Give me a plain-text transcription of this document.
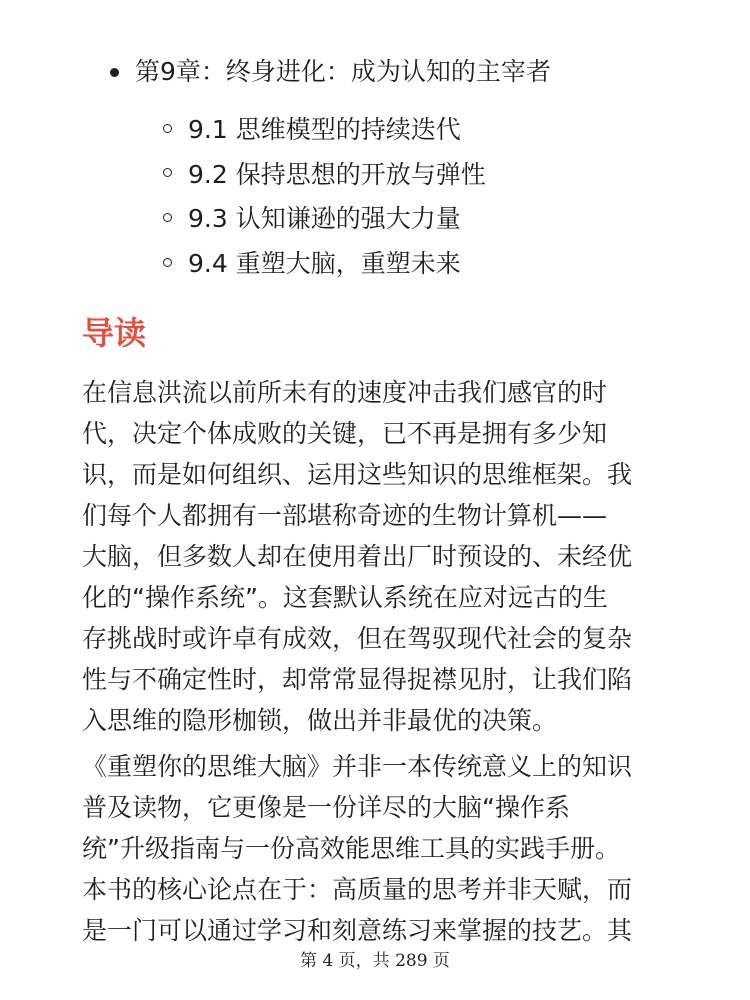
第9章：终身进化：成为认知的主宰者
9.1 思维模型的持续迭代
9.2 保持思想的开放与弹性
9.3 认知谦逊的强大力量
9.4 重塑大脑，重塑未来
导读

在信息洪流以前所未有的速度冲击我们感官的时
代，决定个体成败的关键，已不再是拥有多少知
识，而是如何组织、运用这些知识的思维框架。我
们每个人都拥有一部堪称奇迹的生物计算机——
大脑，但多数人却在使用着出厂时预设的、未经优
化的“操作系统”。这套默认系统在应对远古的生
存挑战时或许卓有成效，但在驾驭现代社会的复杂
性与不确定性时，却常常显得捉襟见肘，让我们陷
入思维的隐形枷锁，做出并非最优的决策。

《重塑你的思维大脑》并非一本传统意义上的知识
普及读物，它更像是一份详尽的大脑“操作系
统”升级指南与一份高效能思维工具的实践手册。
本书的核心论点在于：高质量的思考并非天赋，而
是一门可以通过学习和刻意练习来掌握的技艺。其

第 4 页，共 289 页
